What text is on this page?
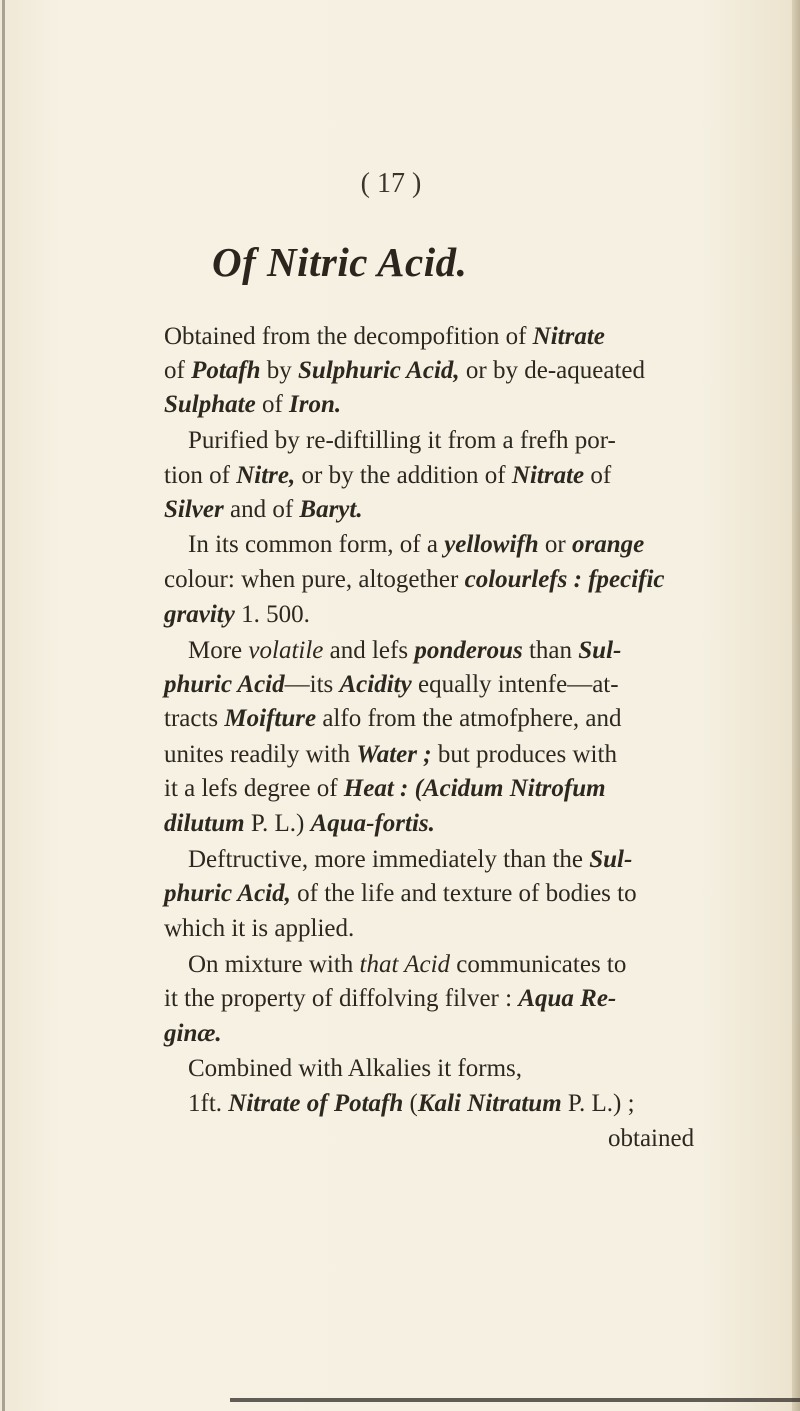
( 17 )
Of Nitric Acid.
Obtained from the decompofition of Nitrate
of Potafh by Sulphuric Acid, or by de-aqueated
Sulphate of Iron.
Purified by re-diftilling it from a frefh por-
tion of Nitre, or by the addition of Nitrate of
Silver and of Baryt.
In its common form, of a yellowifh or orange
colour: when pure, altogether colourlefs : fpecific
gravity 1. 500.
More volatile and lefs ponderous than Sul-
phuric Acid—its Acidity equally intenfe—at-
tracts Moifture alfo from the atmofphere, and
unites readily with Water ; but produces with
it a lefs degree of Heat : (Acidum Nitrofum
dilutum P. L.) Aqua-fortis.
Deftructive, more immediately than the Sul-
phuric Acid, of the life and texture of bodies to
which it is applied.
On mixture with that Acid communicates to
it the property of diffolving filver : Aqua Re-
ginæ.
Combined with Alkalies it forms,
1ft. Nitrate of Potafh (Kali Nitratum P. L.) ;
obtained
